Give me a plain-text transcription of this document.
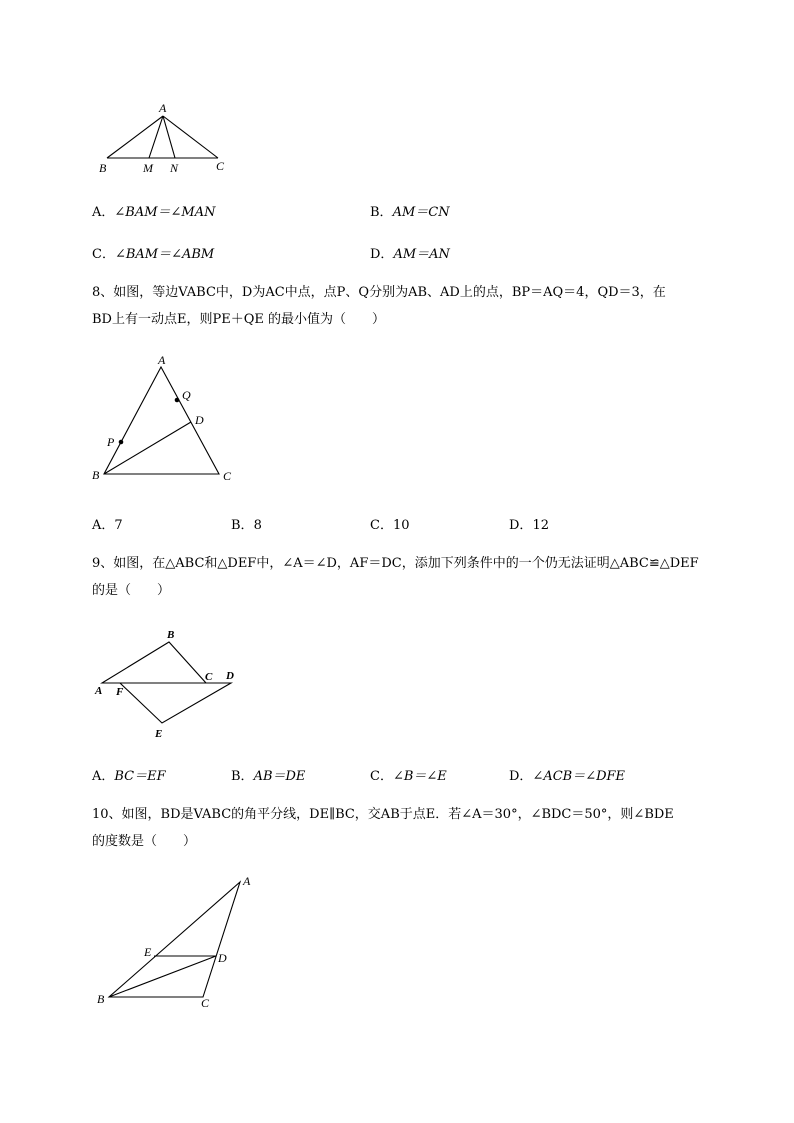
A
B	M N	C
A．∠BAM＝∠MAN	B．AM＝CN
C．∠BAM＝∠ABM	D．AM＝AN
8、如图，等边VABC中，D为AC中点，点P、Q分别为AB、AD上的点，BP＝AQ＝4，QD＝3，在
BD上有一动点E，则PE＋QE 的最小值为（　　）
A
Q
D
P
B	C
A．7	B．8	C．10	D．12
9、如图，在△ABC和△DEF中，∠A＝∠D，AF＝DC，添加下列条件中的一个仍无法证明△ABC≌△DEF
的是（　　）
B
C D
A F
E
A．BC＝EF	B．AB＝DE	C．∠B＝∠E	D．∠ACB＝∠DFE
10、如图，BD是VABC的角平分线，DE∥BC，交AB于点E．若∠A＝30°，∠BDC＝50°，则∠BDE
的度数是（　　）
A
E	D
B	C
